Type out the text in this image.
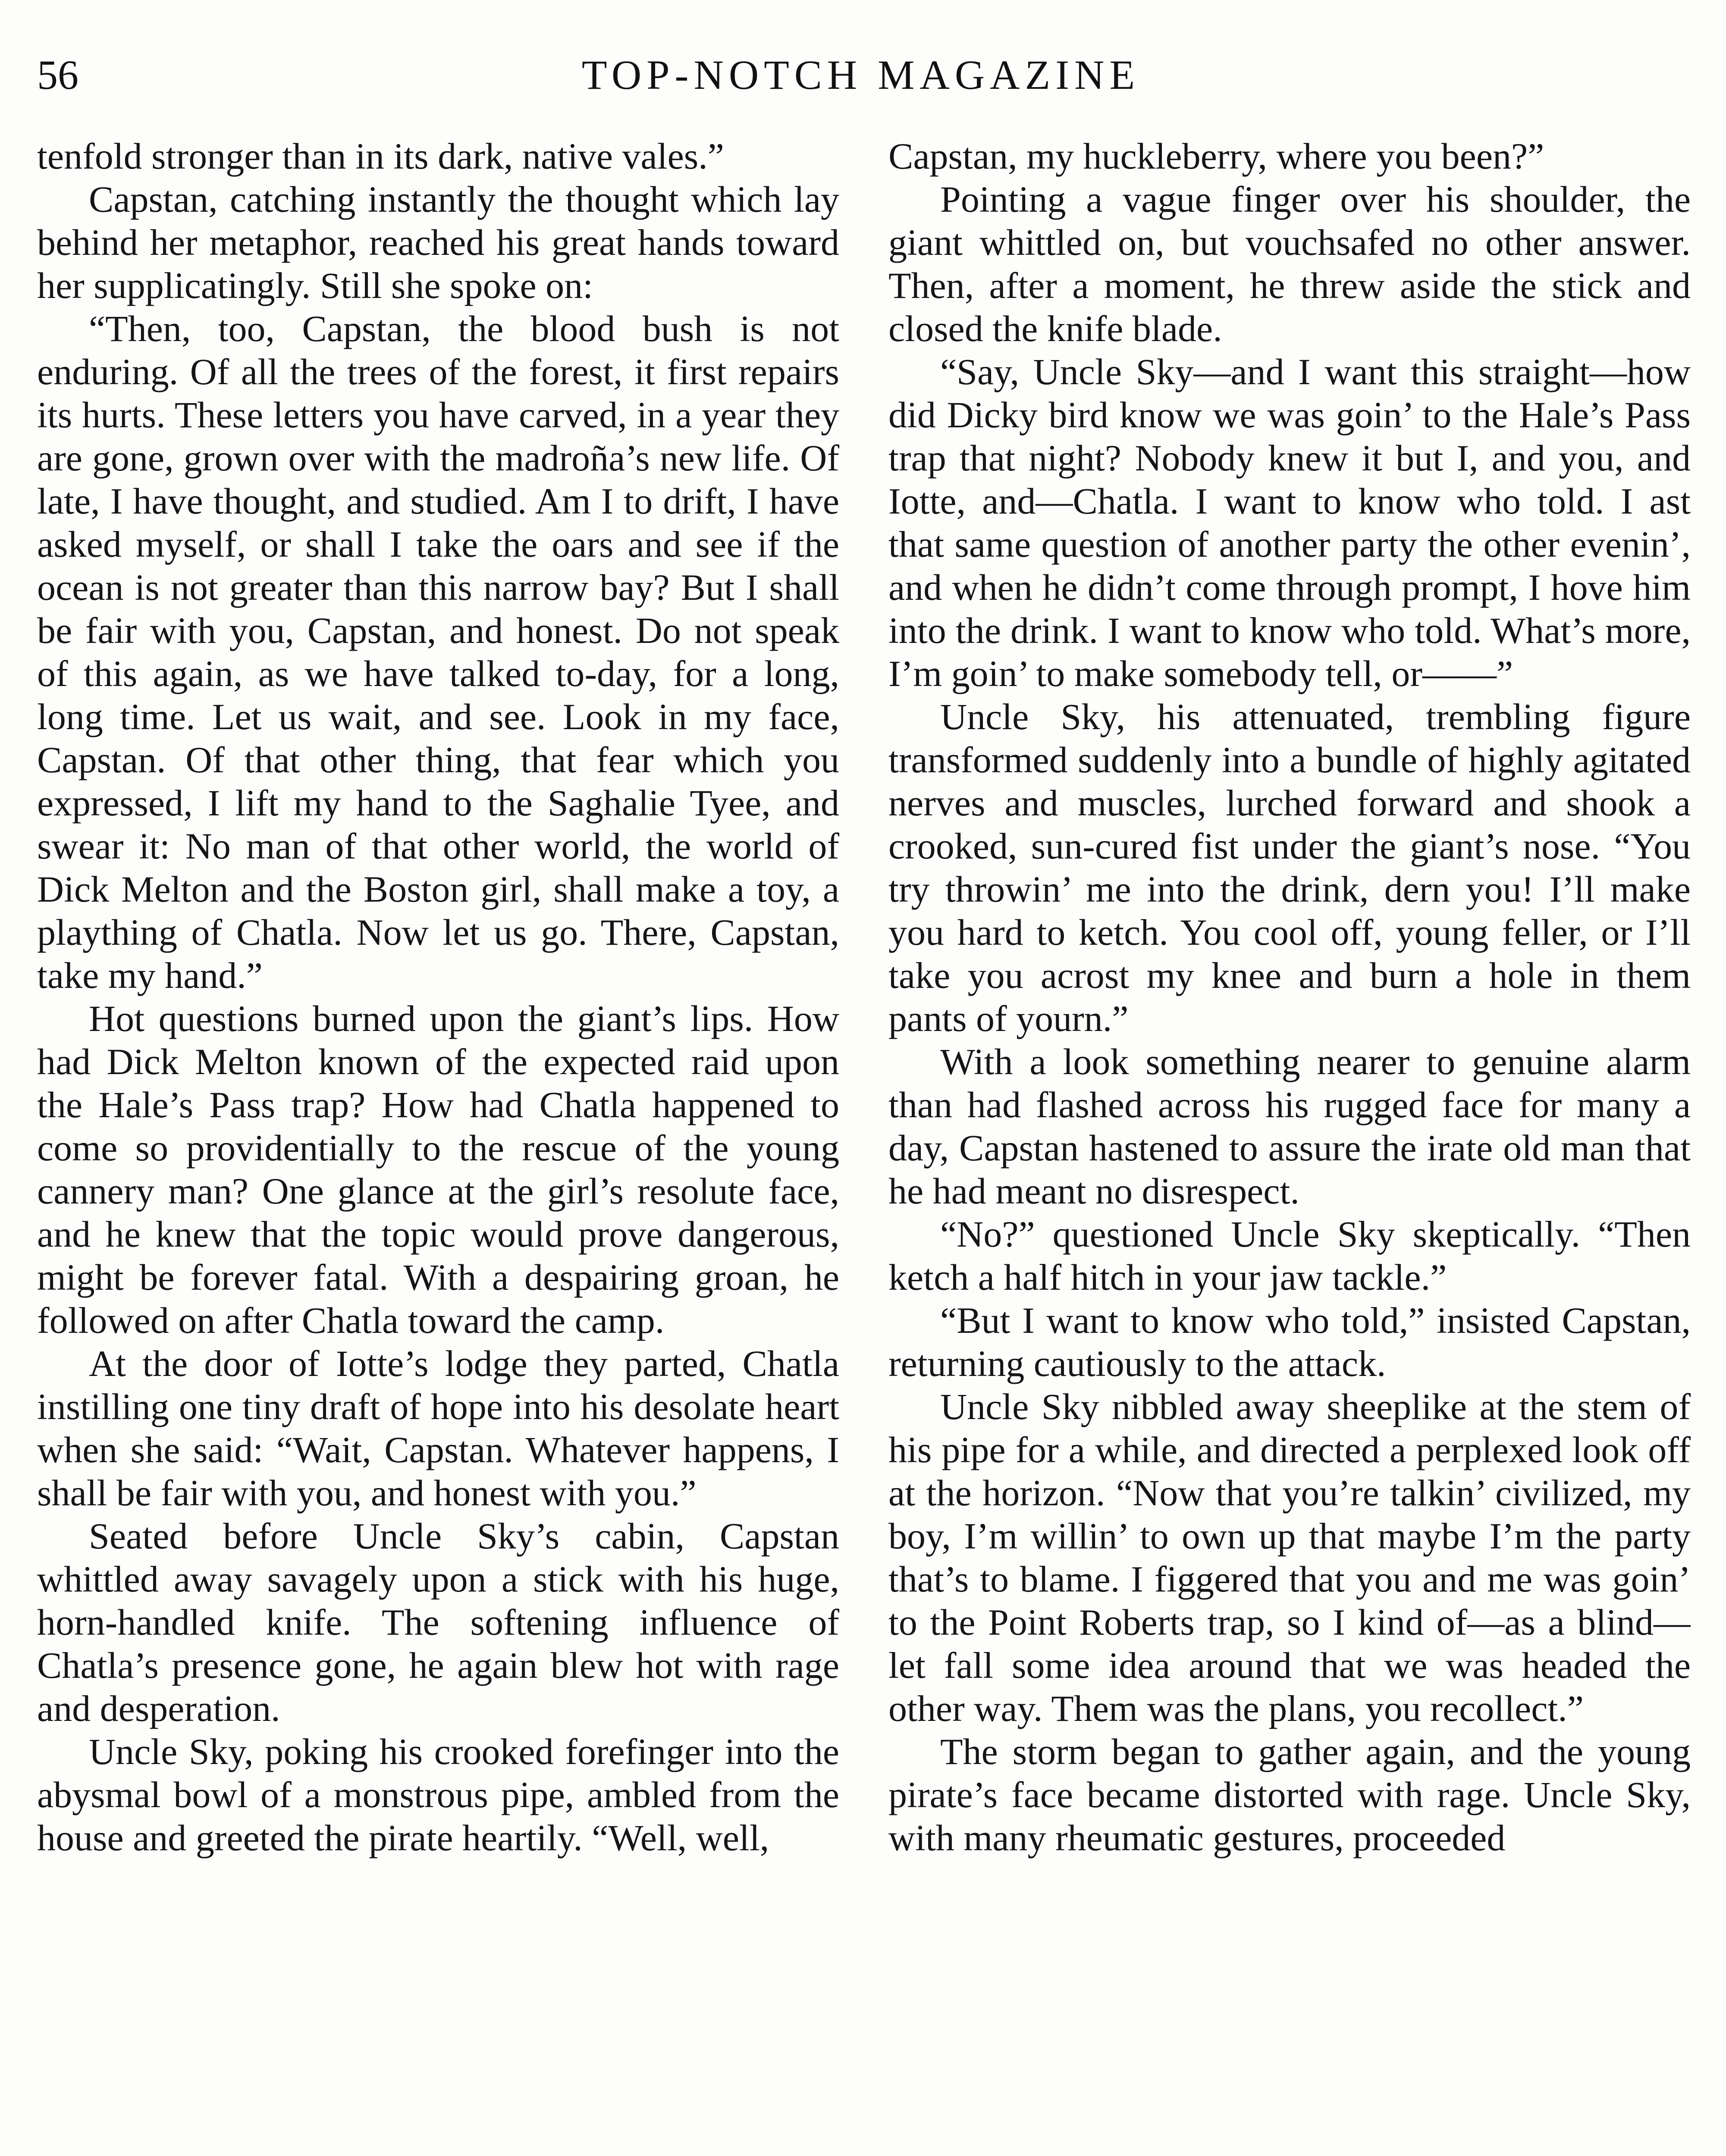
56	TOP-NOTCH MAGAZINE

tenfold stronger than in its dark, native vales.”

Capstan, catching instantly the thought which lay behind her metaphor, reached his great hands toward her supplicatingly. Still she spoke on:

“Then, too, Capstan, the blood bush is not enduring. Of all the trees of the forest, it first repairs its hurts. These letters you have carved, in a year they are gone, grown over with the madroña’s new life. Of late, I have thought, and studied. Am I to drift, I have asked myself, or shall I take the oars and see if the ocean is not greater than this narrow bay? But I shall be fair with you, Capstan, and honest. Do not speak of this again, as we have talked to-day, for a long, long time. Let us wait, and see. Look in my face, Capstan. Of that other thing, that fear which you expressed, I lift my hand to the Saghalie Tyee, and swear it: No man of that other world, the world of Dick Melton and the Boston girl, shall make a toy, a plaything of Chatla. Now let us go. There, Capstan, take my hand.”

Hot questions burned upon the giant’s lips. How had Dick Melton known of the expected raid upon the Hale’s Pass trap? How had Chatla happened to come so providentially to the rescue of the young cannery man? One glance at the girl’s resolute face, and he knew that the topic would prove dangerous, might be forever fatal. With a despairing groan, he followed on after Chatla toward the camp.

At the door of Iotte’s lodge they parted, Chatla instilling one tiny draft of hope into his desolate heart when she said: “Wait, Capstan. Whatever happens, I shall be fair with you, and honest with you.”

Seated before Uncle Sky’s cabin, Capstan whittled away savagely upon a stick with his huge, horn-handled knife. The softening influence of Chatla’s presence gone, he again blew hot with rage and desperation.

Uncle Sky, poking his crooked forefinger into the abysmal bowl of a monstrous pipe, ambled from the house and greeted the pirate heartily. “Well, well,

Capstan, my huckleberry, where you been?”

Pointing a vague finger over his shoulder, the giant whittled on, but vouchsafed no other answer. Then, after a moment, he threw aside the stick and closed the knife blade.

“Say, Uncle Sky—and I want this straight—how did Dicky bird know we was goin’ to the Hale’s Pass trap that night? Nobody knew it but I, and you, and Iotte, and—Chatla. I want to know who told. I ast that same question of another party the other evenin’, and when he didn’t come through prompt, I hove him into the drink. I want to know who told. What’s more, I’m goin’ to make somebody tell, or——”

Uncle Sky, his attenuated, trembling figure transformed suddenly into a bundle of highly agitated nerves and muscles, lurched forward and shook a crooked, sun-cured fist under the giant’s nose. “You try throwin’ me into the drink, dern you! I’ll make you hard to ketch. You cool off, young feller, or I’ll take you acrost my knee and burn a hole in them pants of yourn.”

With a look something nearer to genuine alarm than had flashed across his rugged face for many a day, Capstan hastened to assure the irate old man that he had meant no disrespect.

“No?” questioned Uncle Sky skeptically. “Then ketch a half hitch in your jaw tackle.”

“But I want to know who told,” insisted Capstan, returning cautiously to the attack.

Uncle Sky nibbled away sheeplike at the stem of his pipe for a while, and directed a perplexed look off at the horizon. “Now that you’re talkin’ civilized, my boy, I’m willin’ to own up that maybe I’m the party that’s to blame. I figgered that you and me was goin’ to the Point Roberts trap, so I kind of—as a blind—let fall some idea around that we was headed the other way. Them was the plans, you recollect.”

The storm began to gather again, and the young pirate’s face became distorted with rage. Uncle Sky, with many rheumatic gestures, proceeded
